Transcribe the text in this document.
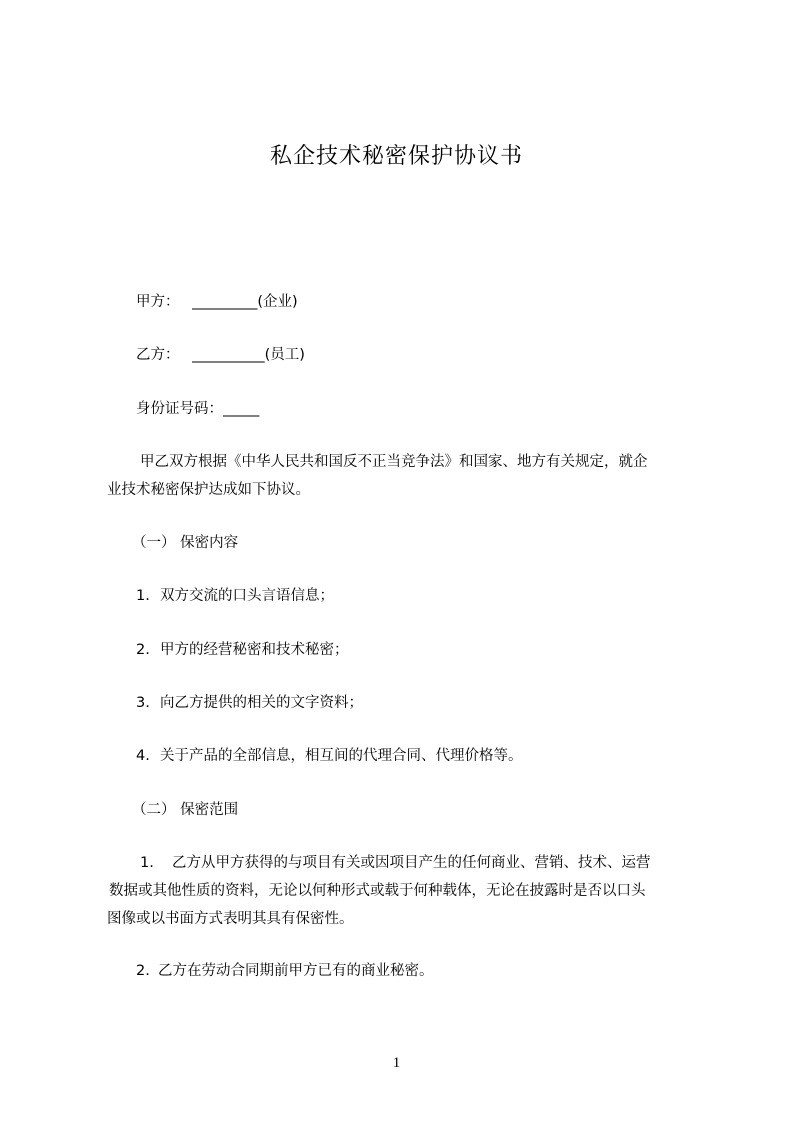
私企技术秘密保护协议书
甲方： _________(企业)
乙方： __________(员工)
身份证号码：_____
甲乙双方根据《中华人民共和国反不正当竞争法》和国家、地方有关规定，就企
业技术秘密保护达成如下协议。
（一） 保密内容
1. 双方交流的口头言语信息；
2. 甲方的经营秘密和技术秘密；
3. 向乙方提供的相关的文字资料；
4. 关于产品的全部信息，相互间的代理合同、代理价格等。
（二） 保密范围
1. 乙方从甲方获得的与项目有关或因项目产生的任何商业、营销、技术、运营
数据或其他性质的资料，无论以何种形式或载于何种载体，无论在披露时是否以口头
图像或以书面方式表明其具有保密性。
2. 乙方在劳动合同期前甲方已有的商业秘密。
1
